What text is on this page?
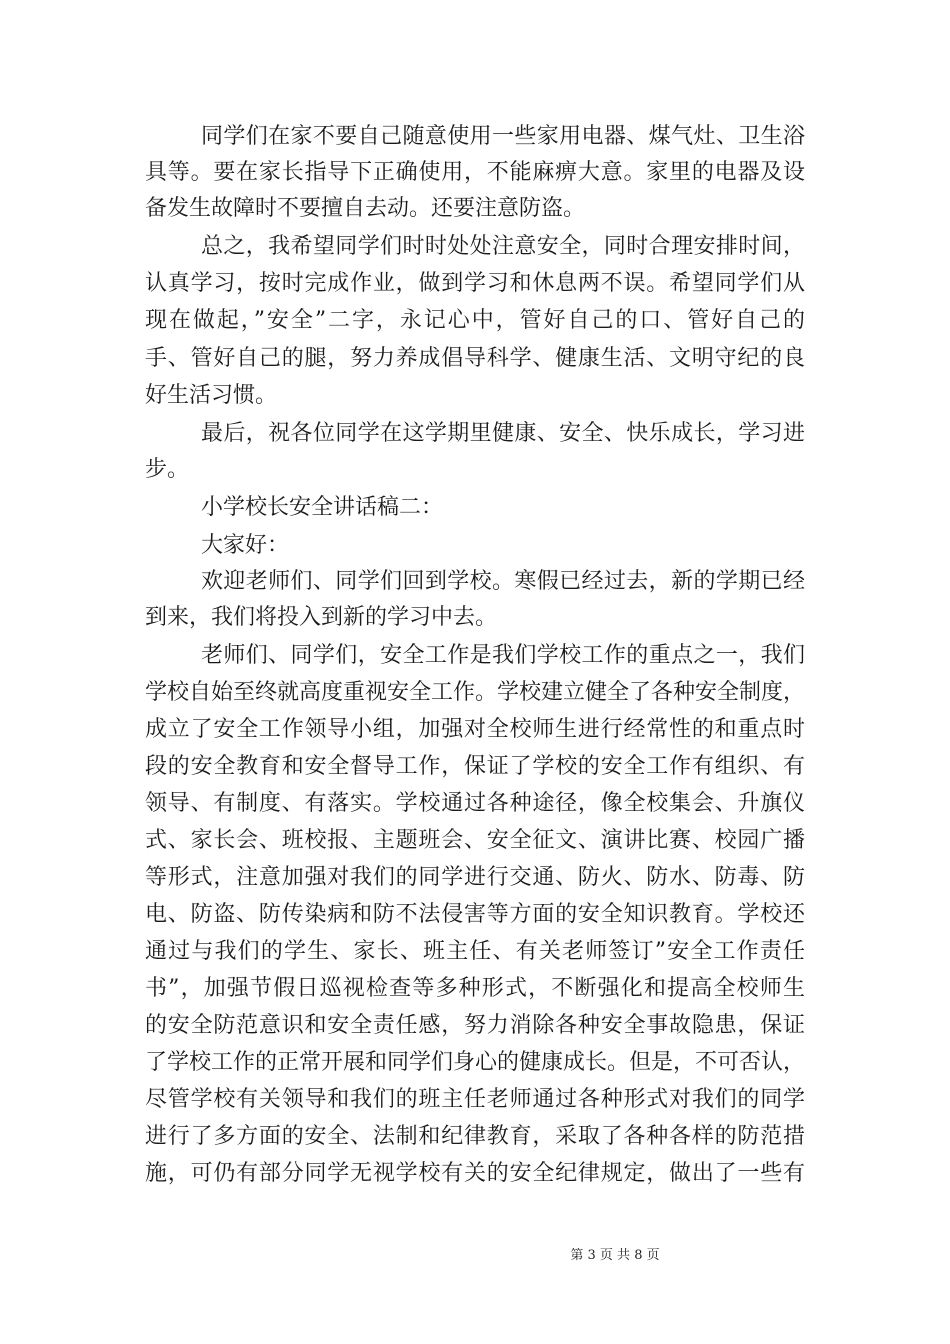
同学们在家不要自己随意使用一些家用电器、煤气灶、卫生浴
具等。要在家长指导下正确使用，不能麻痹大意。家里的电器及设
备发生故障时不要擅自去动。还要注意防盗。
总之，我希望同学们时时处处注意安全，同时合理安排时间，
认真学习，按时完成作业，做到学习和休息两不误。希望同学们从
现在做起，”安全”二字，永记心中，管好自己的口、管好自己的
手、管好自己的腿，努力养成倡导科学、健康生活、文明守纪的良
好生活习惯。
最后，祝各位同学在这学期里健康、安全、快乐成长，学习进
步。
小学校长安全讲话稿二：
大家好：
欢迎老师们、同学们回到学校。寒假已经过去，新的学期已经
到来，我们将投入到新的学习中去。
老师们、同学们，安全工作是我们学校工作的重点之一，我们
学校自始至终就高度重视安全工作。学校建立健全了各种安全制度，
成立了安全工作领导小组，加强对全校师生进行经常性的和重点时
段的安全教育和安全督导工作，保证了学校的安全工作有组织、有
领导、有制度、有落实。学校通过各种途径，像全校集会、升旗仪
式、家长会、班校报、主题班会、安全征文、演讲比赛、校园广播
等形式，注意加强对我们的同学进行交通、防火、防水、防毒、防
电、防盗、防传染病和防不法侵害等方面的安全知识教育。学校还
通过与我们的学生、家长、班主任、有关老师签订”安全工作责任
书”，加强节假日巡视检查等多种形式，不断强化和提高全校师生
的安全防范意识和安全责任感，努力消除各种安全事故隐患，保证
了学校工作的正常开展和同学们身心的健康成长。但是，不可否认，
尽管学校有关领导和我们的班主任老师通过各种形式对我们的同学
进行了多方面的安全、法制和纪律教育，采取了各种各样的防范措
施，可仍有部分同学无视学校有关的安全纪律规定，做出了一些有
第 3 页 共 8 页
